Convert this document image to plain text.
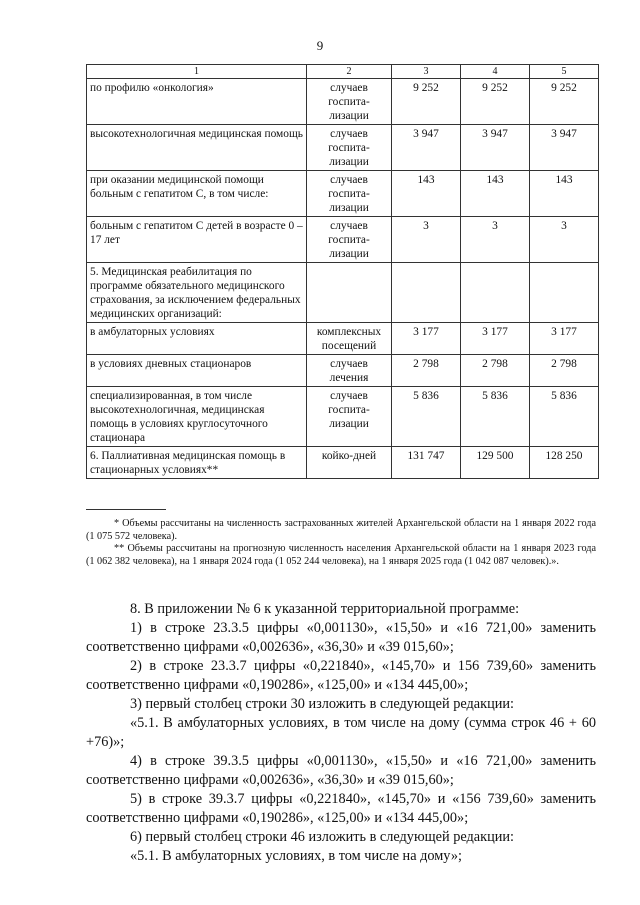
9
1	2	3	4	5
по профилю «онкология»	случаев госпита-лизации	9 252	9 252	9 252
высокотехнологичная медицинская помощь	случаев госпита-лизации	3 947	3 947	3 947
при оказании медицинской помощи больным с гепатитом С, в том числе:	случаев госпита-лизации	143	143	143
больным с гепатитом С детей в возрасте 0 – 17 лет	случаев госпита-лизации	3	3	3
5. Медицинская реабилитация по программе обязательного медицинского страхования, за исключением федеральных медицинских организаций:				
в амбулаторных условиях	комплексных посещений	3 177	3 177	3 177
в условиях дневных стационаров	случаев лечения	2 798	2 798	2 798
специализированная, в том числе высокотехнологичная, медицинская помощь в условиях круглосуточного стационара	случаев госпита-лизации	5 836	5 836	5 836
6. Паллиативная медицинская помощь в стационарных условиях**	койко-дней	131 747	129 500	128 250

* Объемы рассчитаны на численность застрахованных жителей Архангельской области на 1 января 2022 года (1 075 572 человека).

** Объемы рассчитаны на прогнозную численность населения Архангельской области на 1 января 2023 года (1 062 382 человека), на 1 января 2024 года (1 052 244 человека), на 1 января 2025 года (1 042 087 человек).».

8. В приложении № 6 к указанной территориальной программе:

1) в строке 23.3.5 цифры «0,001130», «15,50» и «16 721,00» заменить соответственно цифрами «0,002636», «36,30» и «39 015,60»;

2) в строке 23.3.7 цифры «0,221840», «145,70» и 156 739,60» заменить соответственно цифрами «0,190286», «125,00» и «134 445,00»;

3) первый столбец строки 30 изложить в следующей редакции:

«5.1. В амбулаторных условиях, в том числе на дому (сумма строк 46 + 60 +76)»;

4) в строке 39.3.5 цифры «0,001130», «15,50» и «16 721,00» заменить соответственно цифрами «0,002636», «36,30» и «39 015,60»;

5) в строке 39.3.7 цифры «0,221840», «145,70» и «156 739,60» заменить соответственно цифрами «0,190286», «125,00» и «134 445,00»;

6) первый столбец строки 46 изложить в следующей редакции:

«5.1. В амбулаторных условиях, в том числе на дому»;
